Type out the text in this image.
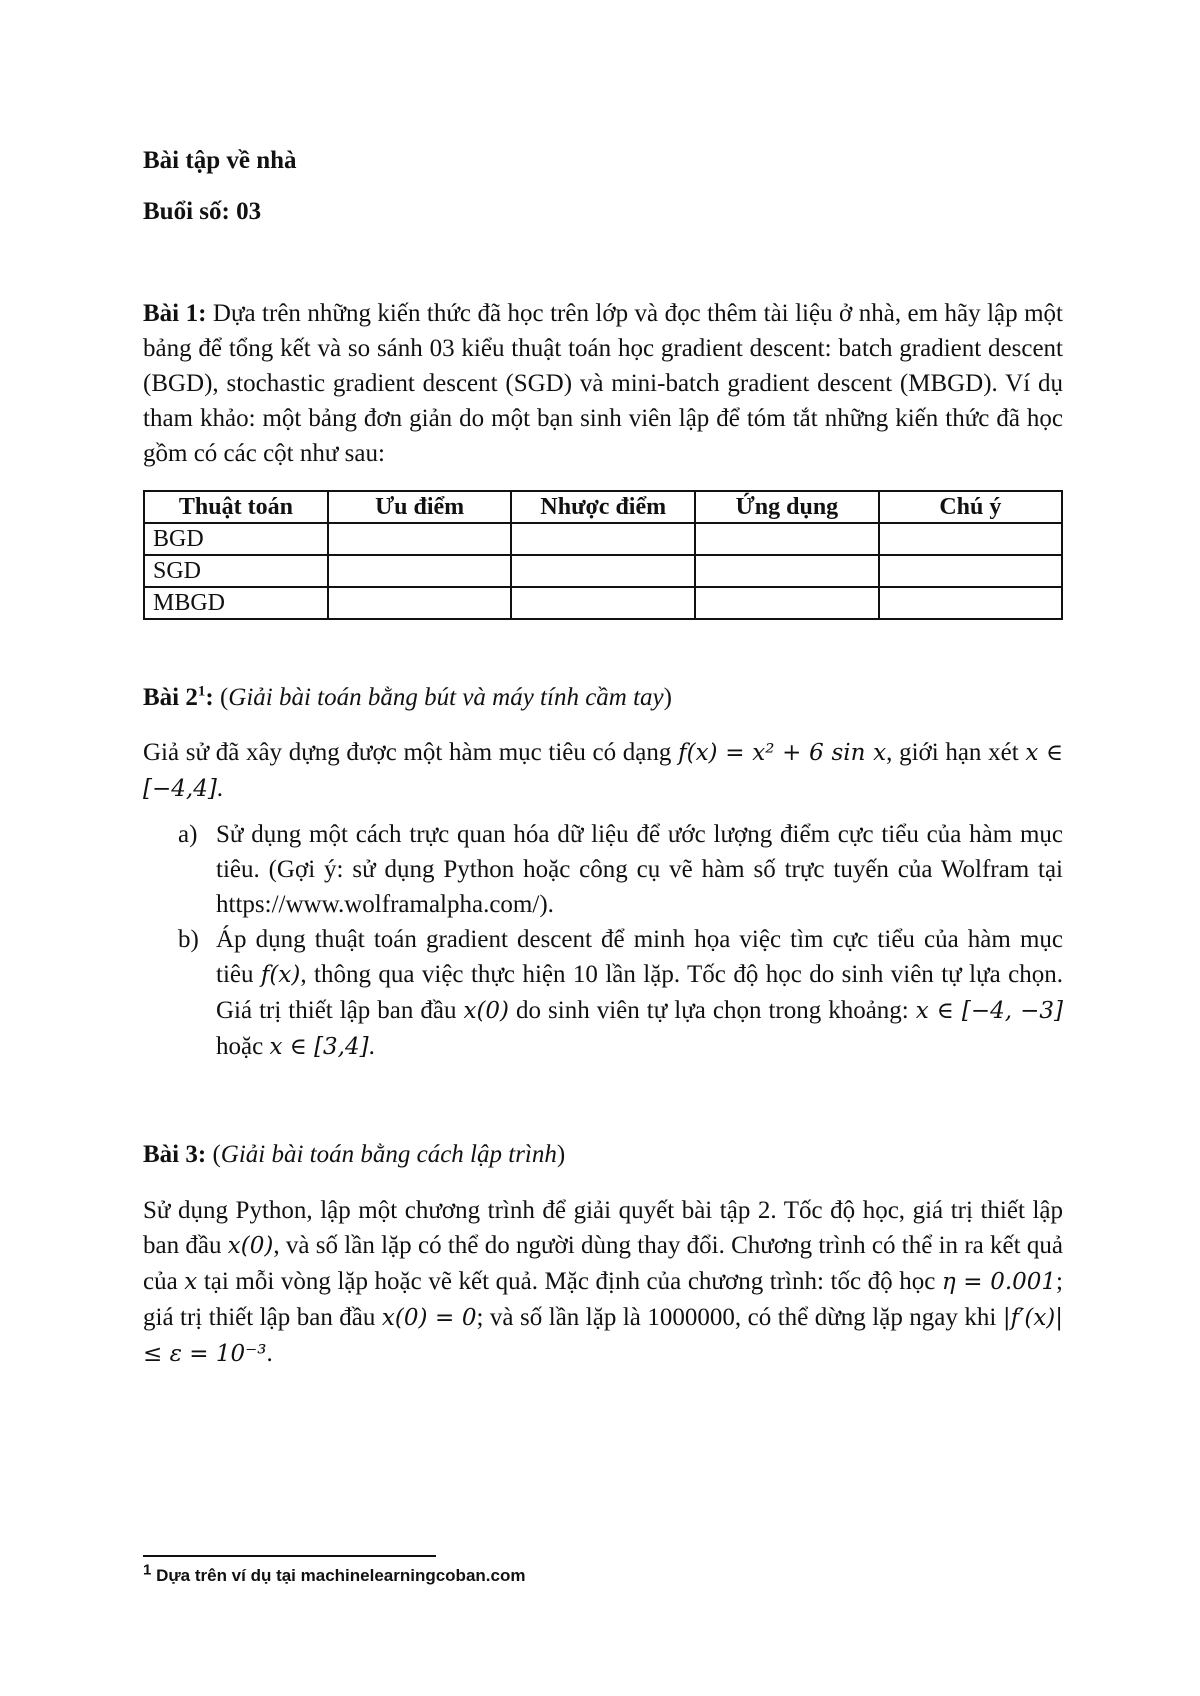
Bài tập về nhà
Buổi số: 03
Bài 1: Dựa trên những kiến thức đã học trên lớp và đọc thêm tài liệu ở nhà, em hãy lập một bảng để tổng kết và so sánh 03 kiểu thuật toán học gradient descent: batch gradient descent (BGD), stochastic gradient descent (SGD) và mini-batch gradient descent (MBGD). Ví dụ tham khảo: một bảng đơn giản do một bạn sinh viên lập để tóm tắt những kiến thức đã học gồm có các cột như sau:
Thuật toán	Ưu điểm	Nhược điểm	Ứng dụng	Chú ý
BGD				
SGD				
MBGD				
Bài $2^1$: (Giải bài toán bằng bút và máy tính cầm tay)
Giả sử đã xây dựng được một hàm mục tiêu có dạng f(x) = x² + 6 sin x, giới hạn xét x ∈ [−4,4].
a) Sử dụng một cách trực quan hóa dữ liệu để ước lượng điểm cực tiểu của hàm mục tiêu. (Gợi ý: sử dụng Python hoặc công cụ vẽ hàm số trực tuyến của Wolfram tại https://www.wolframalpha.com/).
b) Áp dụng thuật toán gradient descent để minh họa việc tìm cực tiểu của hàm mục tiêu f(x), thông qua việc thực hiện 10 lần lặp. Tốc độ học do sinh viên tự lựa chọn. Giá trị thiết lập ban đầu x(0) do sinh viên tự lựa chọn trong khoảng: x ∈ [−4, −3] hoặc x ∈ [3,4].
Bài 3: (Giải bài toán bằng cách lập trình)
Sử dụng Python, lập một chương trình để giải quyết bài tập 2. Tốc độ học, giá trị thiết lập ban đầu x(0), và số lần lặp có thể do người dùng thay đổi. Chương trình có thể in ra kết quả của x tại mỗi vòng lặp hoặc vẽ kết quả. Mặc định của chương trình: tốc độ học η = 0.001; giá trị thiết lập ban đầu x(0) = 0; và số lần lặp là 1000000, có thể dừng lặp ngay khi |f′(x)| ≤ ε = 10⁻³.
$^1$ Dựa trên ví dụ tại machinelearningcoban.com
